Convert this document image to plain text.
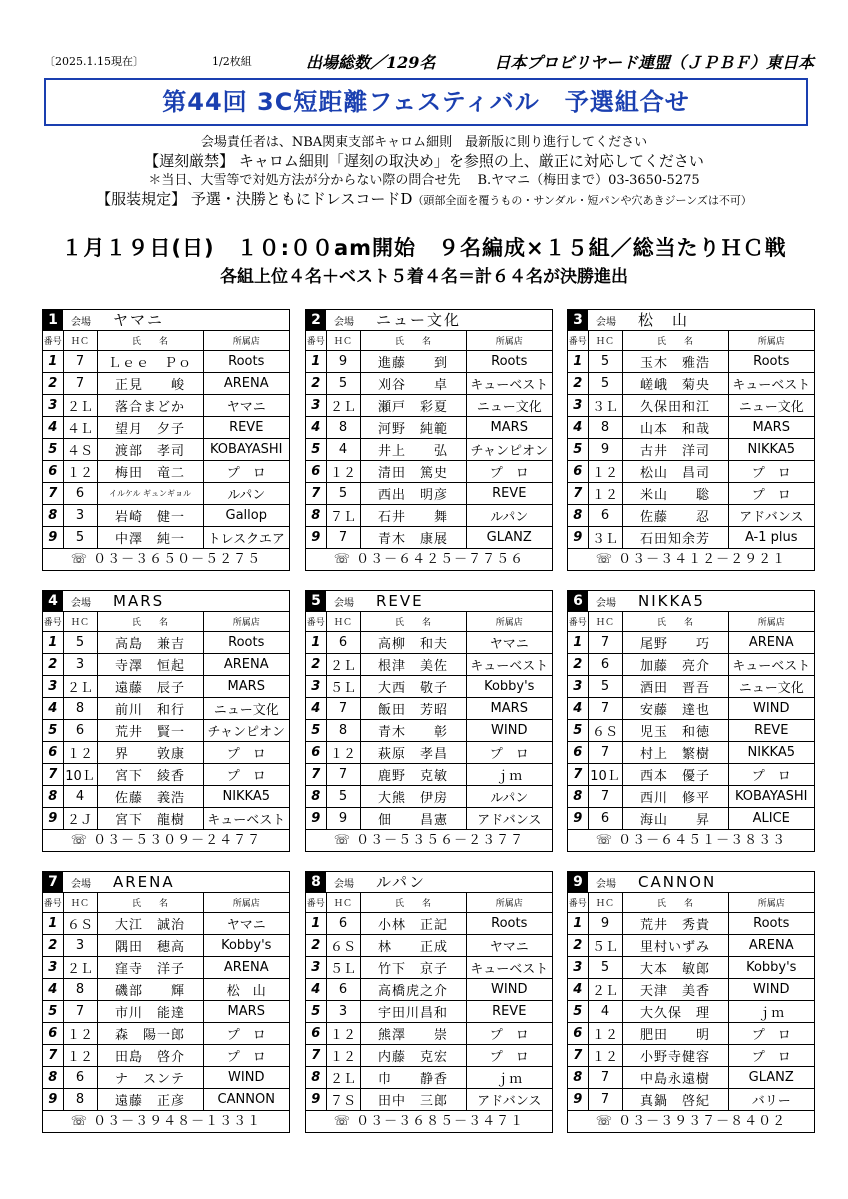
〔2025.1.15現在〕	1/2枚組	出場総数／129名	日本プロビリヤード連盟（ＪＰＢＦ）東日本
第44回 3C短距離フェスティバル　予選組合せ
会場責任者は、NBA関東支部キャロム細則　最新版に則り進行してください
【遅刻厳禁】 キャロム細則「遅刻の取決め」を参照の上、厳正に対応してください
＊当日、大雪等で対処方法が分からない際の問合せ先　 B.ヤマニ（梅田まで）03-3650-5275
【服装規定】 予選・決勝ともにドレスコードD（頭部全面を覆うもの・サンダル・短パンや穴あきジーンズは不可）
１月１９日(日)　１０:００am開始　９名編成×１５組／総当たりＨＣ戦
各組上位４名＋ベスト５着４名＝計６４名が決勝進出
1	会場 ヤマニ
番号	ＨＣ	氏　　名	所属店
1	7	Ｌｅｅ　Ｐｏ	Roots
2	7	正見　　峻	ARENA
3	２Ｌ	落合まどか	ヤマニ
4	４Ｌ	望月　夕子	REVE
5	４Ｓ	渡部　孝司	KOBAYASHI
6	１２	梅田　竜二	プ　ロ
7	6	イルケル ギュンギョル	ルパン
8	3	岩崎　健一	Gallop
9	5	中澤　純一	トレスクエア
☏ ０３－３６５０－５２７５
2	会場 ニュー文化
番号	ＨＣ	氏　　名	所属店
1	9	進藤　　到	Roots
2	5	刈谷　　卓	キューベスト
3	２Ｌ	瀬戸　彩夏	ニュー文化
4	8	河野　純範	MARS
5	4	井上　　弘	チャンピオン
6	１２	清田　篤史	プ　ロ
7	5	西出　明彦	REVE
8	７Ｌ	石井　　舞	ルパン
9	7	青木　康展	GLANZ
☏ ０３－６４２５－７７５６
3	会場 松　山
番号	ＨＣ	氏　　名	所属店
1	5	玉木　雅浩	Roots
2	5	嵯峨　菊央	キューベスト
3	３Ｌ	久保田和江	ニュー文化
4	8	山本　和哉	MARS
5	9	古井　洋司	NIKKA5
6	１２	松山　昌司	プ　ロ
7	１２	米山　　聡	プ　ロ
8	6	佐藤　　忍	アドバンス
9	３Ｌ	石田知余芳	A-1 plus
☏ ０３－３４１２－２９２１
4	会場 MARS
番号	ＨＣ	氏　　名	所属店
1	5	高島　兼吉	Roots
2	3	寺澤　恒起	ARENA
3	２Ｌ	遠藤　辰子	MARS
4	8	前川　和行	ニュー文化
5	6	荒井　賢一	チャンピオン
6	１２	界　　敦康	プ　ロ
7	10Ｌ	宮下　綾香	プ　ロ
8	4	佐藤　義浩	NIKKA5
9	２Ｊ	宮下　龍樹	キューベスト
☏ ０３－５３０９－２４７７
5	会場 REVE
番号	ＨＣ	氏　　名	所属店
1	6	高柳　和夫	ヤマニ
2	２Ｌ	根津　美佐	キューベスト
3	５Ｌ	大西　敬子	Kobby's
4	7	飯田　芳昭	MARS
5	8	青木　　彰	WIND
6	１２	萩原　孝昌	プ　ロ
7	7	鹿野　克敏	ｊｍ
8	5	大熊　伊房	ルパン
9	9	佃　　昌憲	アドバンス
☏ ０３－５３５６－２３７７
6	会場 NIKKA5
番号	ＨＣ	氏　　名	所属店
1	7	尾野　　巧	ARENA
2	6	加藤　亮介	キューベスト
3	5	酒田　晋吾	ニュー文化
4	7	安藤　達也	WIND
5	６Ｓ	児玉　和徳	REVE
6	7	村上　繁樹	NIKKA5
7	10Ｌ	西本　優子	プ　ロ
8	7	西川　修平	KOBAYASHI
9	6	海山　　昇	ALICE
☏ ０３－６４５１－３８３３
7	会場 ARENA
番号	ＨＣ	氏　　名	所属店
1	６Ｓ	大江　誠治	ヤマニ
2	3	隅田　穂高	Kobby's
3	２Ｌ	窪寺　洋子	ARENA
4	8	磯部　　輝	松　山
5	7	市川　能達	MARS
6	１２	森　陽一郎	プ　ロ
7	１２	田島　啓介	プ　ロ
8	6	ナ　スンテ	WIND
9	8	遠藤　正彦	CANNON
☏ ０３－３９４８－１３３１
8	会場 ルパン
番号	ＨＣ	氏　　名	所属店
1	6	小林　正記	Roots
2	６Ｓ	林　　正成	ヤマニ
3	５Ｌ	竹下　京子	キューベスト
4	6	高橋虎之介	WIND
5	3	宇田川昌和	REVE
6	１２	熊澤　　崇	プ　ロ
7	１２	内藤　克宏	プ　ロ
8	２Ｌ	巾　　静香	ｊｍ
9	７Ｓ	田中　三郎	アドバンス
☏ ０３－３６８５－３４７１
9	会場 CANNON
番号	ＨＣ	氏　　名	所属店
1	9	荒井　秀貴	Roots
2	５Ｌ	里村いずみ	ARENA
3	5	大本　敏郎	Kobby's
4	２Ｌ	天津　美香	WIND
5	4	大久保　理	ｊｍ
6	１２	肥田　　明	プ　ロ
7	１２	小野寺健容	プ　ロ
8	7	中島永遠樹	GLANZ
9	7	真鍋　啓紀	バリー
☏ ０３－３９３７－８４０２
